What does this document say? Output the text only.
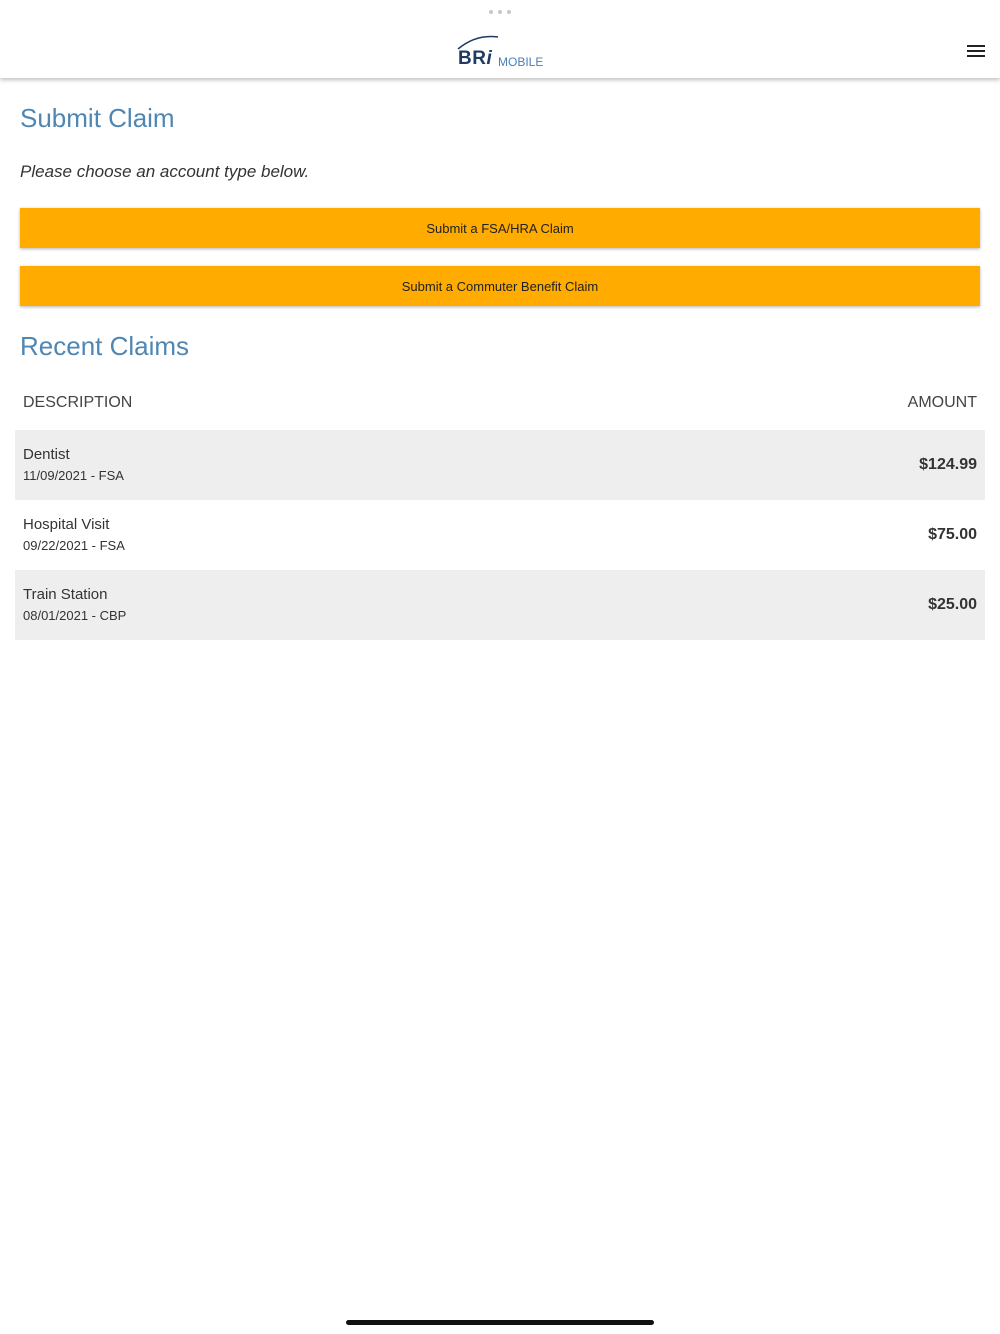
BRi MOBILE
Submit Claim
Please choose an account type below.
Submit a FSA/HRA Claim
Submit a Commuter Benefit Claim
Recent Claims
DESCRIPTION	AMOUNT
Dentist
11/09/2021 - FSA
$124.99
Hospital Visit
09/22/2021 - FSA
$75.00
Train Station
08/01/2021 - CBP
$25.00
